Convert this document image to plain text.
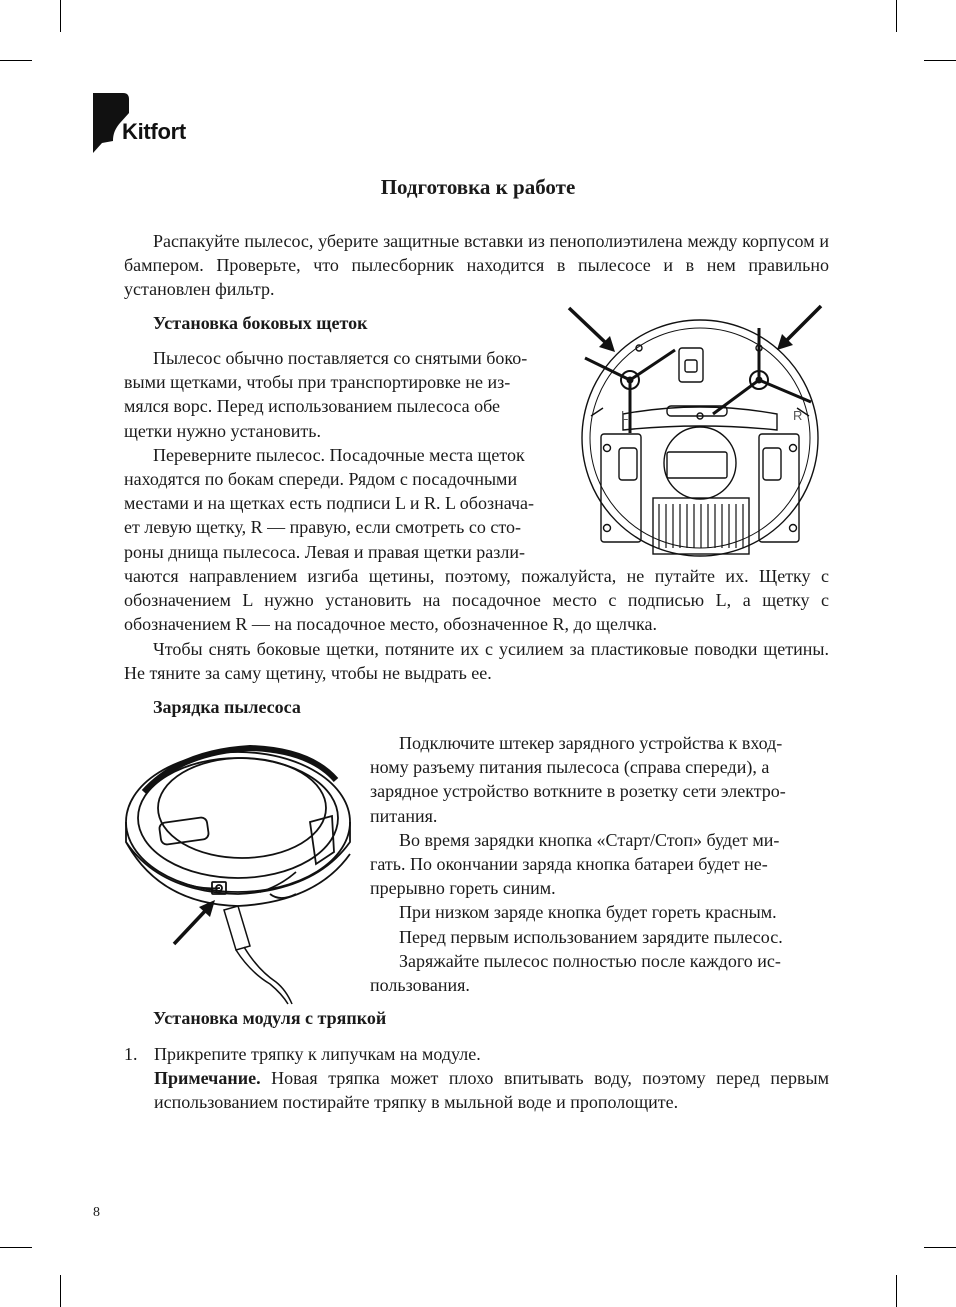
Kitfort
Подготовка к работе

Распакуйте пылесос, уберите защитные вставки из пенополиэтилена между корпусом и бампером. Проверьте, что пылесборник находится в пылесосе и в нем правильно установлен фильтр.

Установка боковых щеток
Пылесос обычно поставляется со снятыми боко-
выми щетками, чтобы при транспортировке не из-
мялся ворс. Перед использованием пылесоса обе
щетки нужно установить.
Переверните пылесос. Посадочные места щеток
находятся по бокам спереди. Рядом с посадочными
местами и на щетках есть подписи L и R. L обознача-
ет левую щетку, R — правую, если смотреть со сто-
роны днища пылесоса. Левая и правая щетки разли-

чаются направлением изгиба щетины, поэтому, пожалуйста, не путайте их. Щетку с обозначением L нужно установить на посадочное место с подписью L, а щетку с обозначением R — на посадочное место, обозначенное R, до щелчка.

Чтобы снять боковые щетки, потяните их с усилием за пластиковые поводки щетины. Не тяните за саму щетину, чтобы не выдрать ее.

L	R
Зарядка пылесоса
Подключите штекер зарядного устройства к вход-
ному разъему питания пылесоса (справа спереди), а
зарядное устройство воткните в розетку сети электро-
питания.
Во время зарядки кнопка «Старт/Стоп» будет ми-
гать. По окончании заряда кнопка батареи будет не-
прерывно гореть синим.
При низком заряде кнопка будет гореть красным.
Перед первым использованием зарядите пылесос.
Заряжайте пылесос полностью после каждого ис-
пользования.
Установка модуля с тряпкой
1. Прикрепите тряпку к липучкам на модуле.
Примечание. Новая тряпка может плохо впитывать воду, поэтому перед первым использованием постирайте тряпку в мыльной воде и прополощите.
8
